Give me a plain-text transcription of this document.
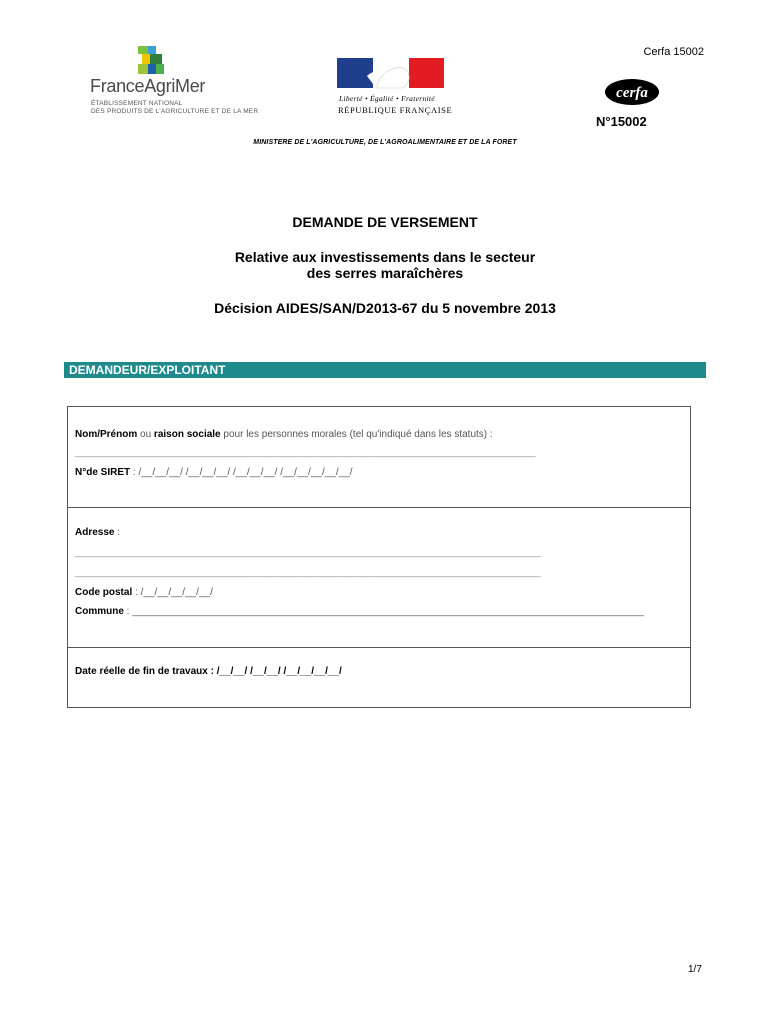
Cerfa 15002
cerfa
N°15002
FranceAgriMer
ÉTABLISSEMENT NATIONAL
DES PRODUITS DE L'AGRICULTURE ET DE LA MER
Liberté • Égalité • Fraternité
RÉPUBLIQUE FRANÇAISE
MINISTERE DE L'AGRICULTURE, DE L'AGROALIMENTAIRE ET DE LA FORET
DEMANDE DE VERSEMENT
Relative aux investissements dans le secteur
des serres maraîchères
Décision AIDES/SAN/D2013-67 du 5 novembre 2013
DEMANDEUR/EXPLOITANT
Nom/Prénom ou raison sociale pour les personnes morales (tel qu'indiqué dans les statuts) :
____________________________________________________________________________________________
N°de SIRET : /__/__/__/ /__/__/__/ /__/__/__/ /__/__/__/__/__/
Adresse :
_____________________________________________________________________________________________
_____________________________________________________________________________________________
Code postal : /__/__/__/__/__/
Commune : ____________________________________________________________________________________________
Date réelle de fin de travaux : /__/__/ /__/__/ /__/__/__/__/
1/7
